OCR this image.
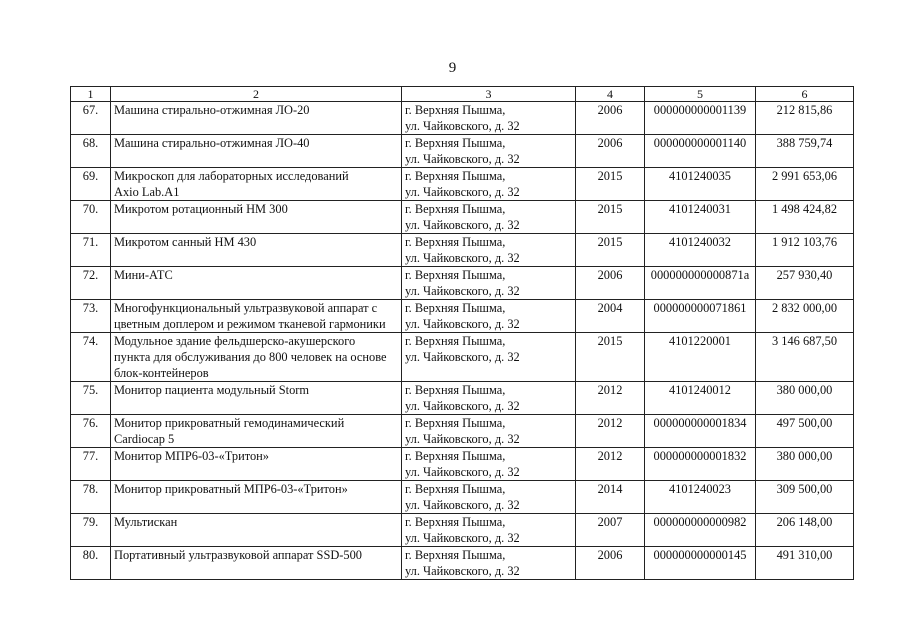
9
1	2	3	4	5	6
67.	Машина стирально-отжимная ЛО-20	г. Верхняя Пышма,
ул. Чайковского, д. 32	2006	000000000001139	212 815,86
68.	Машина стирально-отжимная ЛО-40	г. Верхняя Пышма,
ул. Чайковского, д. 32	2006	000000000001140	388 759,74
69.	Микроскоп для лабораторных исследований
Axio Lab.A1	г. Верхняя Пышма,
ул. Чайковского, д. 32	2015	4101240035	2 991 653,06
70.	Микротом ротационный HM 300	г. Верхняя Пышма,
ул. Чайковского, д. 32	2015	4101240031	1 498 424,82
71.	Микротом санный HM 430	г. Верхняя Пышма,
ул. Чайковского, д. 32	2015	4101240032	1 912 103,76
72.	Мини-АТС	г. Верхняя Пышма,
ул. Чайковского, д. 32	2006	000000000000871а	257 930,40
73.	Многофункциональный ультразвуковой аппарат с
цветным доплером и режимом тканевой гармоники	г. Верхняя Пышма,
ул. Чайковского, д. 32	2004	000000000071861	2 832 000,00
74.	Модульное здание фельдшерско-акушерского
пункта для обслуживания до 800 человек на основе
блок-контейнеров	г. Верхняя Пышма,
ул. Чайковского, д. 32	2015	4101220001	3 146 687,50
75.	Монитор пациента модульный Storm	г. Верхняя Пышма,
ул. Чайковского, д. 32	2012	4101240012	380 000,00
76.	Монитор прикроватный гемодинамический
Cardiocap 5	г. Верхняя Пышма,
ул. Чайковского, д. 32	2012	000000000001834	497 500,00
77.	Монитор МПР6-03-«Тритон»	г. Верхняя Пышма,
ул. Чайковского, д. 32	2012	000000000001832	380 000,00
78.	Монитор прикроватный МПР6-03-«Тритон»	г. Верхняя Пышма,
ул. Чайковского, д. 32	2014	4101240023	309 500,00
79.	Мультискан	г. Верхняя Пышма,
ул. Чайковского, д. 32	2007	000000000000982	206 148,00
80.	Портативный ультразвуковой аппарат SSD-500	г. Верхняя Пышма,
ул. Чайковского, д. 32	2006	000000000000145	491 310,00
